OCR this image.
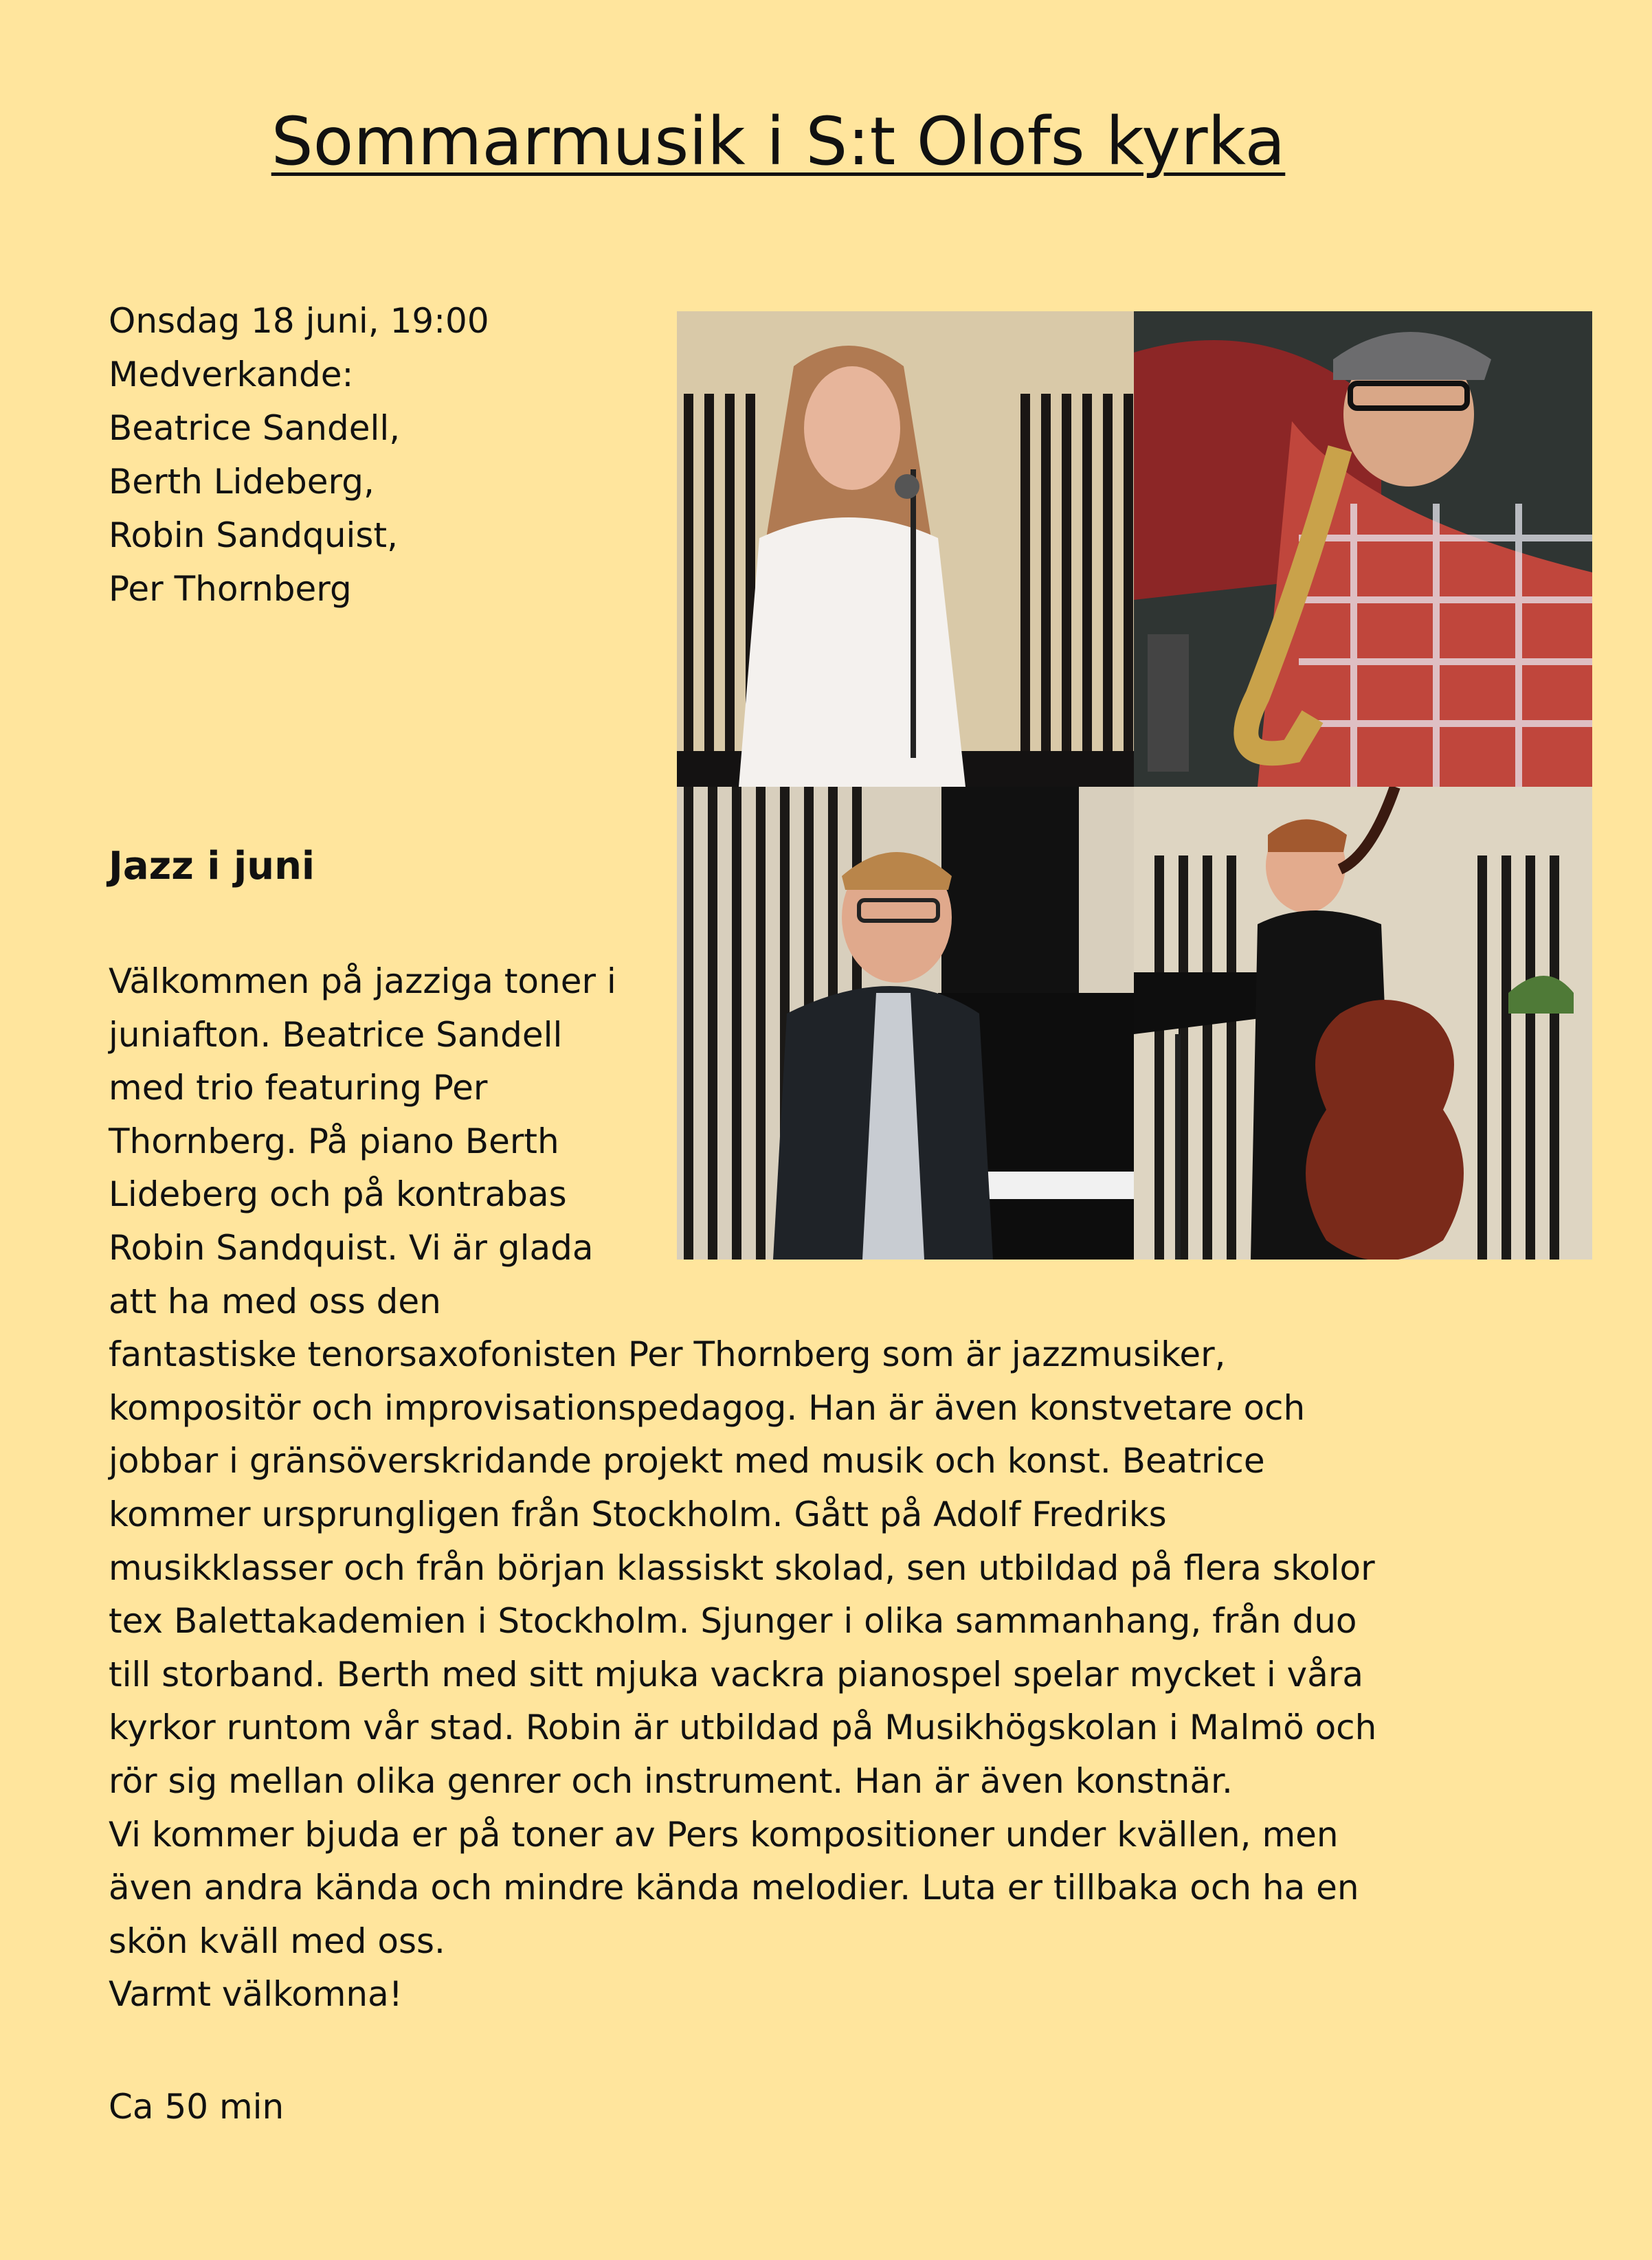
Sommarmusik i S:t Olofs kyrka
Onsdag 18 juni, 19:00
Medverkande:
Beatrice Sandell,
Berth Lideberg,
Robin Sandquist,
Per Thornberg
Jazz i juni
Välkommen på jazziga toner i
juniafton. Beatrice Sandell
med trio featuring Per
Thornberg. På piano Berth
Lideberg och på kontrabas
Robin Sandquist. Vi är glada
att ha med oss den
fantastiske tenorsaxofonisten Per Thornberg som är jazzmusiker,
kompositör och improvisationspedagog. Han är även konstvetare och
jobbar i gränsöverskridande projekt med musik och konst. Beatrice
kommer ursprungligen från Stockholm. Gått på Adolf Fredriks
musikklasser och från början klassiskt skolad, sen utbildad på flera skolor
tex Balettakademien i Stockholm. Sjunger i olika sammanhang, från duo
till storband. Berth med sitt mjuka vackra pianospel spelar mycket i våra
kyrkor runtom vår stad. Robin är utbildad på Musikhögskolan i Malmö och
rör sig mellan olika genrer och instrument. Han är även konstnär.
Vi kommer bjuda er på toner av Pers kompositioner under kvällen, men
även andra kända och mindre kända melodier. Luta er tillbaka och ha en
skön kväll med oss.
Varmt välkomna!
Ca 50 min
